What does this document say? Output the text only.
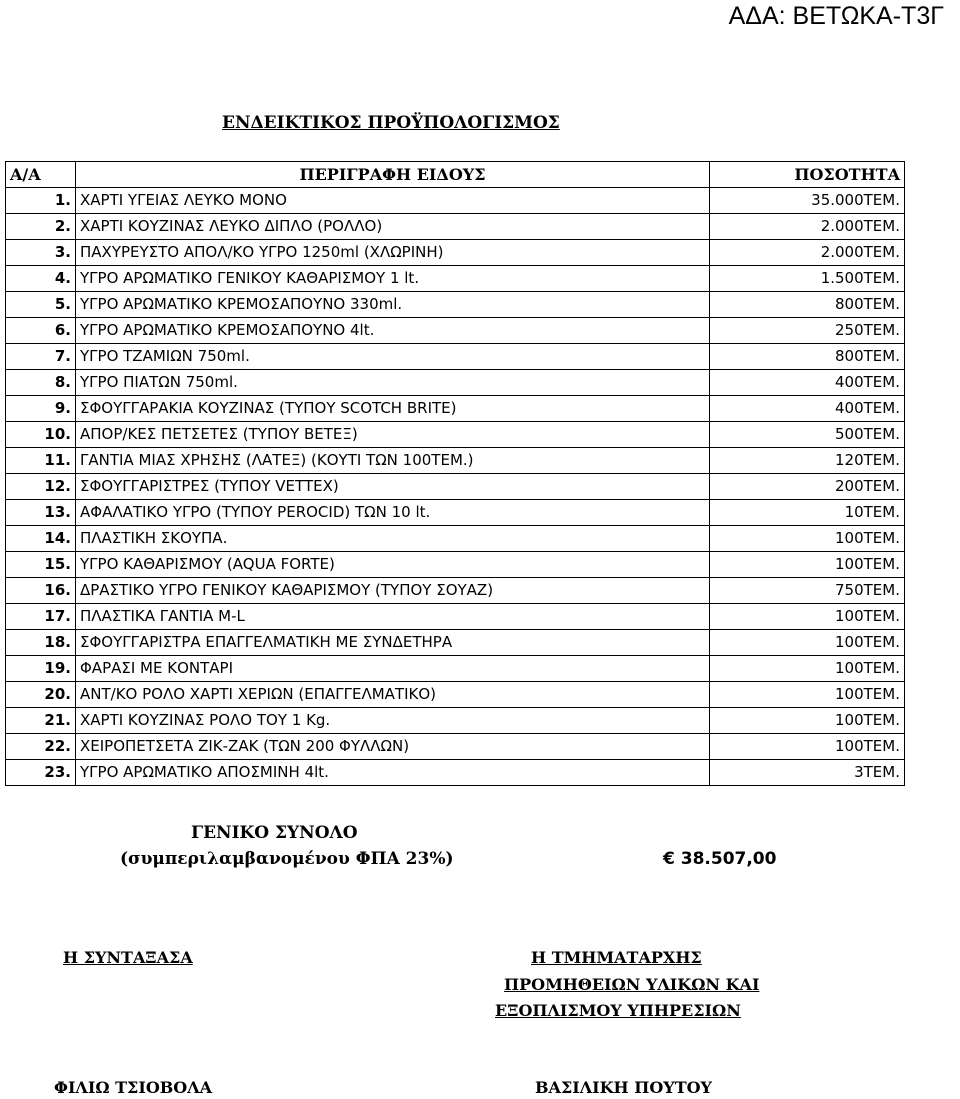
ΑΔΑ: ΒΕΤΩΚΑ-Τ3Γ
ΕΝΔΕΙΚΤΙΚΟΣ ΠΡΟΫΠΟΛΟΓΙΣΜΟΣ
Α/Α	ΠΕΡΙΓΡΑΦΗ ΕΙΔΟΥΣ	ΠΟΣΟΤΗΤΑ
1.	ΧΑΡΤΙ ΥΓΕΙΑΣ ΛΕΥΚΟ ΜΟΝΟ	35.000ΤΕΜ.
2.	ΧΑΡΤΙ ΚΟΥΖΙΝΑΣ ΛΕΥΚΟ ΔΙΠΛΟ (ΡΟΛΛΟ)	2.000ΤΕΜ.
3.	ΠΑΧΥΡΕΥΣΤΟ ΑΠΟΛ/ΚΟ ΥΓΡΟ 1250ml (ΧΛΩΡΙΝΗ)	2.000ΤΕΜ.
4.	ΥΓΡΟ ΑΡΩΜΑΤΙΚΟ ΓΕΝΙΚΟΥ ΚΑΘΑΡΙΣΜΟΥ 1 lt.	1.500ΤΕΜ.
5.	ΥΓΡΟ ΑΡΩΜΑΤΙΚΟ ΚΡΕΜΟΣΑΠΟΥΝΟ 330ml.	800ΤΕΜ.
6.	ΥΓΡΟ ΑΡΩΜΑΤΙΚΟ ΚΡΕΜΟΣΑΠΟΥΝΟ 4lt.	250ΤΕΜ.
7.	ΥΓΡΟ ΤΖΑΜΙΩΝ 750ml.	800ΤΕΜ.
8.	ΥΓΡΟ ΠΙΑΤΩΝ 750ml.	400ΤΕΜ.
9.	ΣΦΟΥΓΓΑΡΑΚΙΑ ΚΟΥΖΙΝΑΣ (ΤΥΠΟΥ SCOTCH BRITE)	400ΤΕΜ.
10.	ΑΠΟΡ/ΚΕΣ ΠΕΤΣΕΤΕΣ (ΤΥΠΟΥ ΒΕΤΕΞ)	500ΤΕΜ.
11.	ΓΑΝΤΙΑ ΜΙΑΣ ΧΡΗΣΗΣ (ΛΑΤΕΞ) (ΚΟΥΤΙ ΤΩΝ 100ΤΕΜ.)	120ΤΕΜ.
12.	ΣΦΟΥΓΓΑΡΙΣΤΡΕΣ (ΤΥΠΟΥ VETTEX)	200ΤΕΜ.
13.	ΑΦΑΛΑΤΙΚΟ ΥΓΡΟ (ΤΥΠΟΥ PEROCID) ΤΩΝ 10 lt.	10ΤΕΜ.
14.	ΠΛΑΣΤΙΚΗ ΣΚΟΥΠΑ.	100ΤΕΜ.
15.	ΥΓΡΟ ΚΑΘΑΡΙΣΜΟΥ (AQUA FORTE)	100ΤΕΜ.
16.	ΔΡΑΣΤΙΚΟ ΥΓΡΟ ΓΕΝΙΚΟΥ ΚΑΘΑΡΙΣΜΟΥ (ΤΥΠΟΥ ΣΟΥΑΖ)	750ΤΕΜ.
17.	ΠΛΑΣΤΙΚΑ ΓΑΝΤΙΑ M-L	100ΤΕΜ.
18.	ΣΦΟΥΓΓΑΡΙΣΤΡΑ ΕΠΑΓΓΕΛΜΑΤΙΚΗ ΜΕ ΣΥΝΔΕΤΗΡΑ	100ΤΕΜ.
19.	ΦΑΡΑΣΙ ΜΕ ΚΟΝΤΑΡΙ	100ΤΕΜ.
20.	ΑΝΤ/ΚΟ ΡΟΛΟ ΧΑΡΤΙ ΧΕΡΙΩΝ (ΕΠΑΓΓΕΛΜΑΤΙΚΟ)	100ΤΕΜ.
21.	ΧΑΡΤΙ ΚΟΥΖΙΝΑΣ ΡΟΛΟ ΤΟΥ 1 Kg.	100ΤΕΜ.
22.	ΧΕΙΡΟΠΕΤΣΕΤΑ ΖΙΚ-ΖΑΚ (ΤΩΝ 200 ΦΥΛΛΩΝ)	100ΤΕΜ.
23.	ΥΓΡΟ ΑΡΩΜΑΤΙΚΟ ΑΠΟΣΜΙΝΗ 4lt.	3ΤΕΜ.
ΓΕΝΙΚΟ ΣΥΝΟΛΟ
(συμπεριλαμβανομένου ΦΠΑ 23%)	€ 38.507,00
Η ΣΥΝΤΑΞΑΣΑ	Η ΤΜΗΜΑΤΑΡΧΗΣ
ΠΡΟΜΗΘΕΙΩΝ ΥΛΙΚΩΝ ΚΑΙ
ΕΞΟΠΛΙΣΜΟΥ ΥΠΗΡΕΣΙΩΝ
ΦΙΛΙΩ ΤΣΙΟΒΟΛΑ	ΒΑΣΙΛΙΚΗ ΠΟΥΤΟΥ
